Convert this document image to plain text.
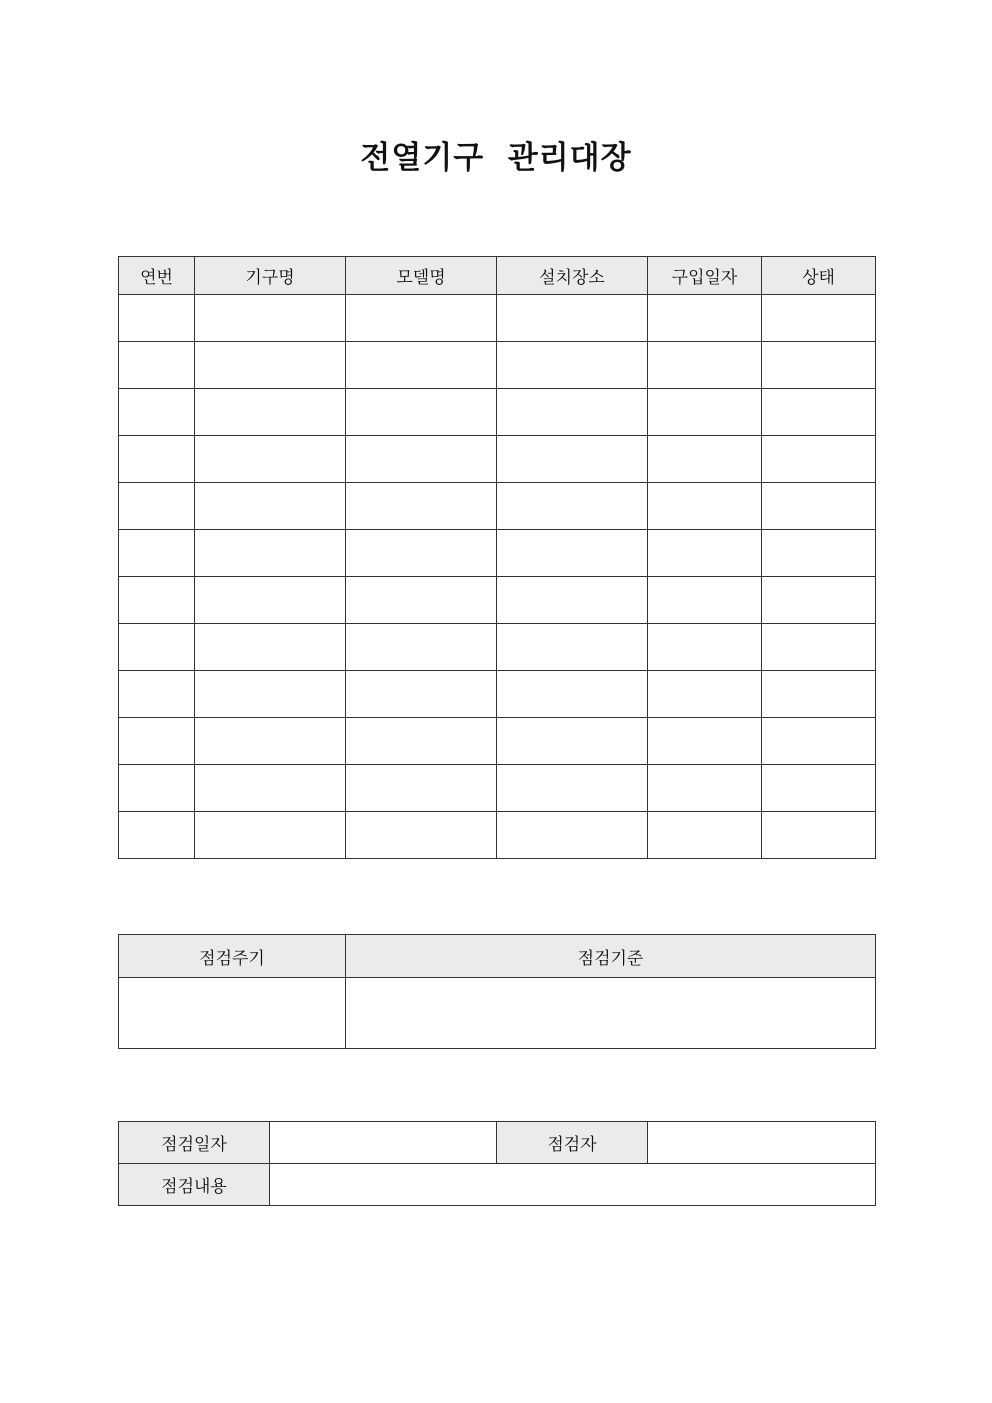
전열기구  관리대장
연번	기구명	모델명	설치장소	구입일자	상태

점검주기	점검기준

점검일자		점검자	
점검내용			
